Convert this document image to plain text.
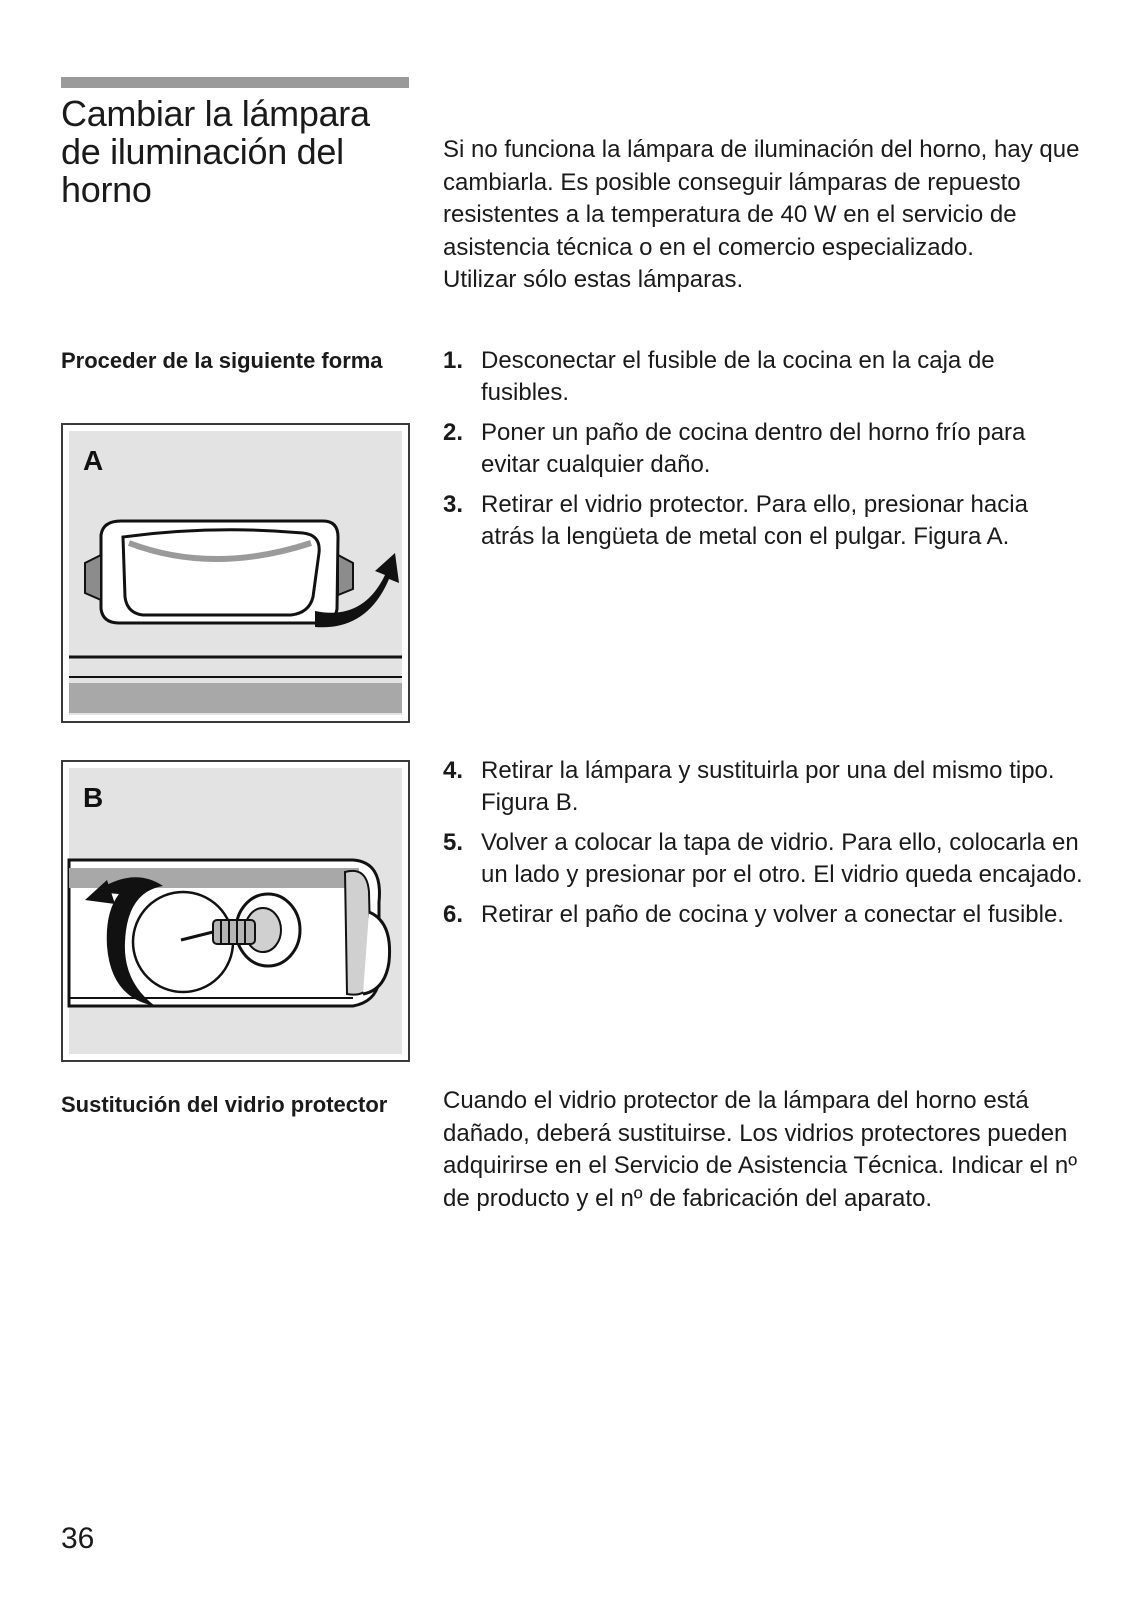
Cambiar la lámpara de iluminación del horno

Si no funciona la lámpara de iluminación del horno, hay que cambiarla. Es posible conseguir lámparas de repuesto resistentes a la temperatura de 40 W en el servicio de asistencia técnica o en el comercio especializado.

Utilizar sólo estas lámparas.

Proceder de la siguiente forma	1. Desconectar el fusible de la cocina en la caja de fusibles.
2. Poner un paño de cocina dentro del horno frío para evitar cualquier daño.
3. Retirar el vidrio protector. Para ello, presionar hacia atrás la lengüeta de metal con el pulgar. Figura A.
A
B
4. Retirar la lámpara y sustituirla por una del mismo tipo. Figura B.
5. Volver a colocar la tapa de vidrio. Para ello, colocarla en un lado y presionar por el otro. El vidrio queda encajado.
6. Retirar el paño de cocina y volver a conectar el fusible.
Sustitución del vidrio protector	Cuando el vidrio protector de la lámpara del horno está dañado, deberá sustituirse. Los vidrios protectores pueden adquirirse en el Servicio de Asistencia Técnica. Indicar el nº de producto y el nº de fabricación del aparato.

36
